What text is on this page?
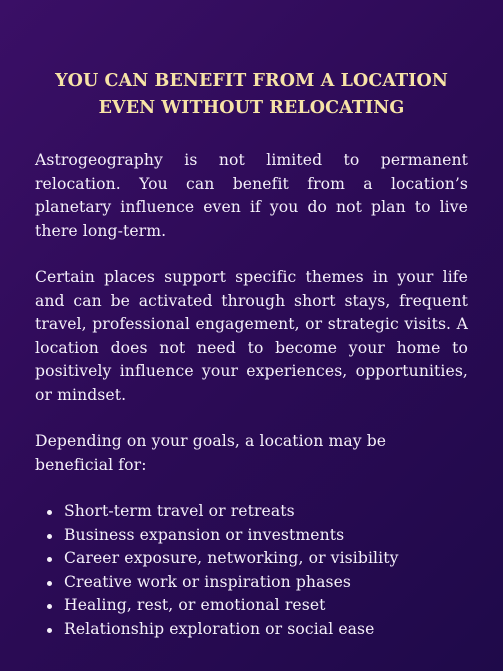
YOU CAN BENEFIT FROM A LOCATION
EVEN WITHOUT RELOCATING

Astrogeography is not limited to permanent relocation. You can benefit from a location’s planetary influence even if you do not plan to live there long-term.

Certain places support specific themes in your life and can be activated through short stays, frequent travel, professional engagement, or strategic visits. A location does not need to become your home to positively influence your experiences, opportunities, or mindset.

Depending on your goals, a location may be beneficial for:

Short-term travel or retreats
Business expansion or investments
Career exposure, networking, or visibility
Creative work or inspiration phases
Healing, rest, or emotional reset
Relationship exploration or social ease
